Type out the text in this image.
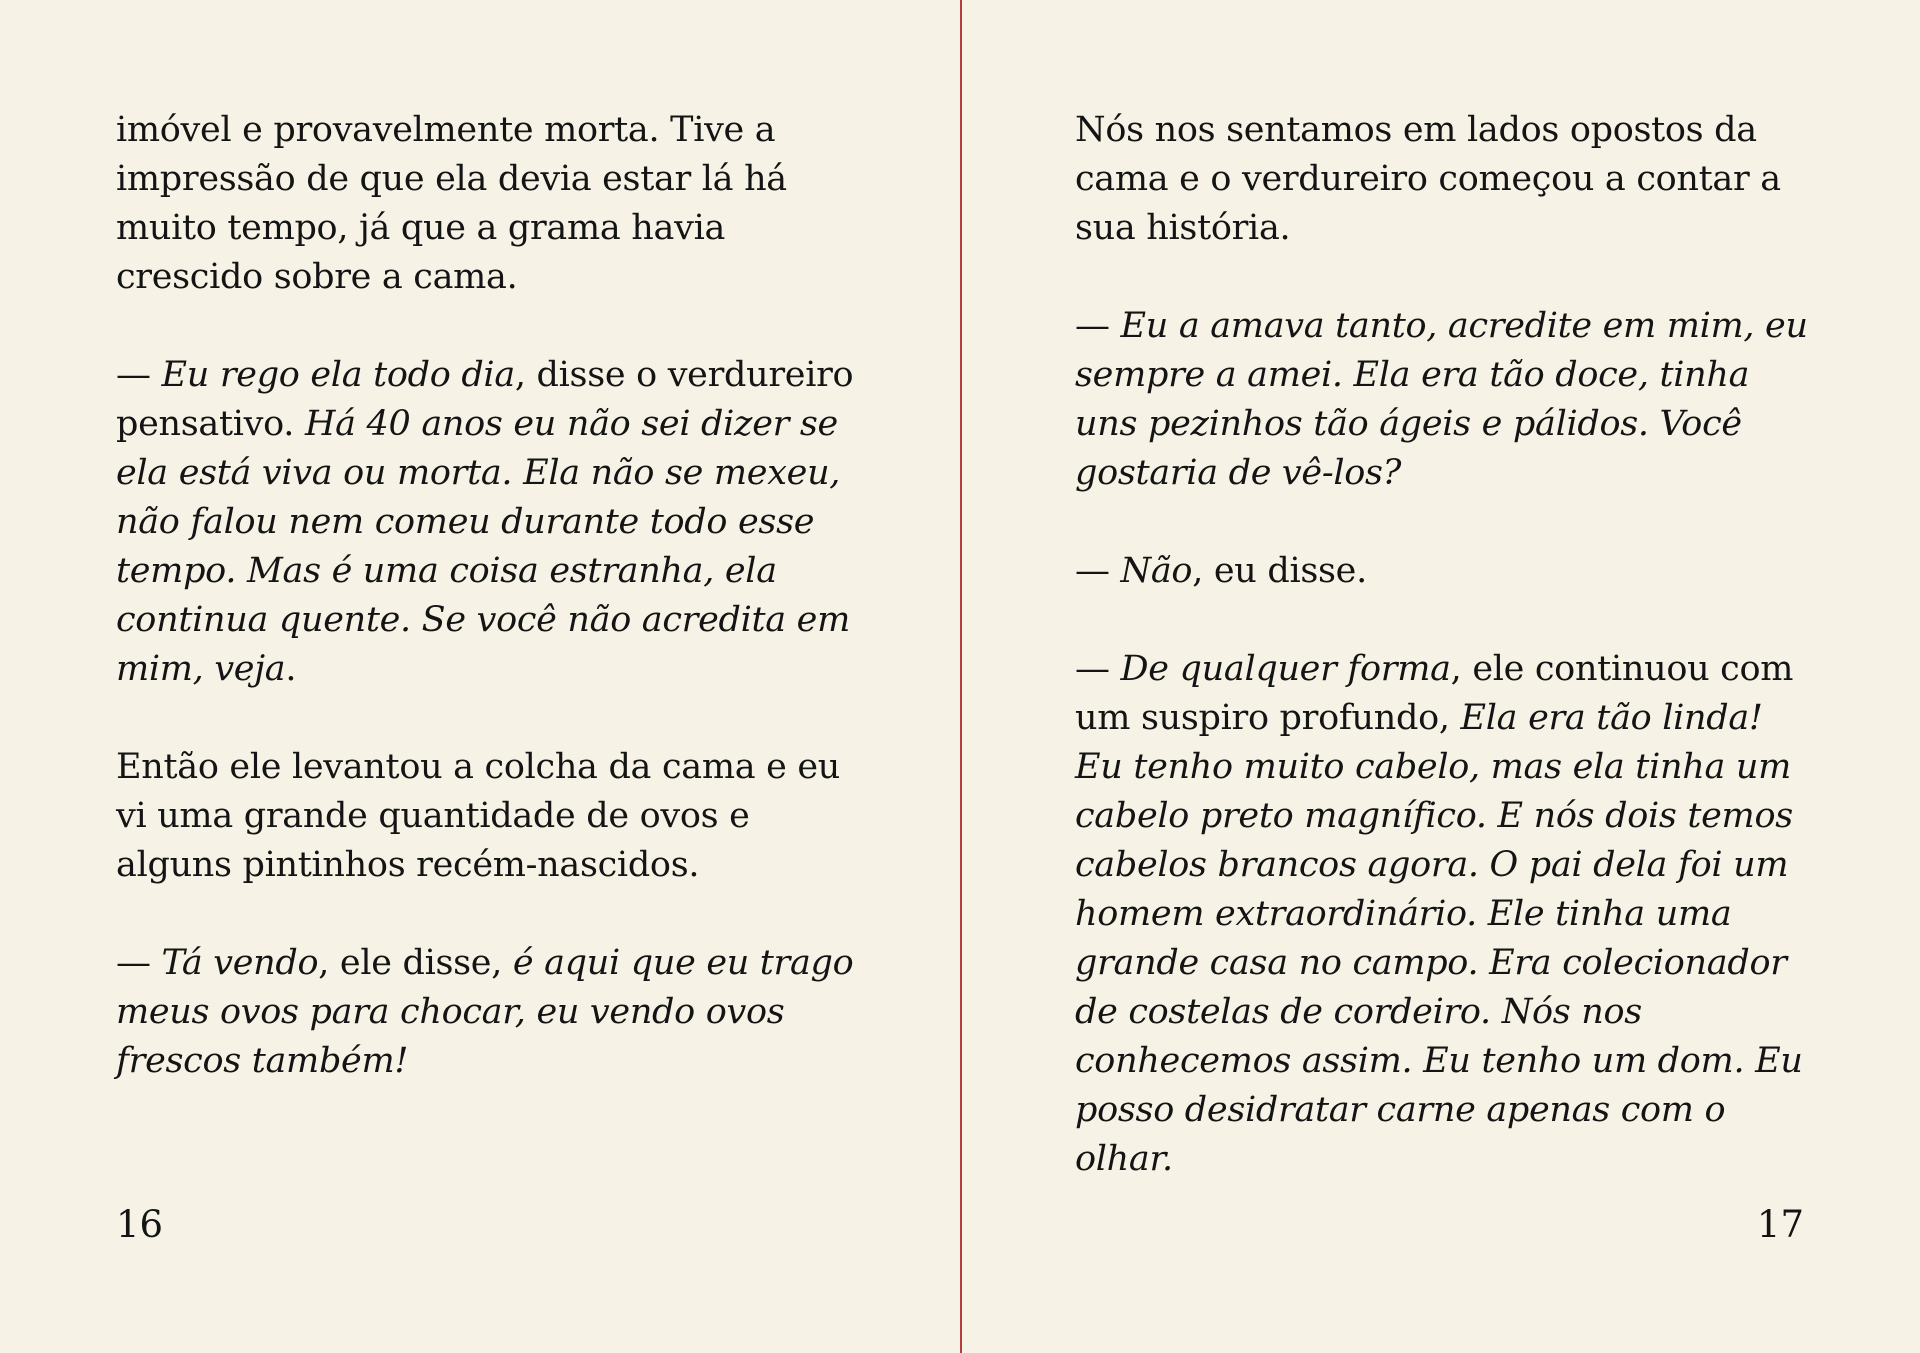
imóvel e provavelmente morta. Tive a impressão de que ela devia estar lá há muito tempo, já que a grama havia crescido sobre a cama.

— Eu rego ela todo dia, disse o verdureiro pensativo. Há 40 anos eu não sei dizer se ela está viva ou morta. Ela não se mexeu, não falou nem comeu durante todo esse tempo. Mas é uma coisa estranha, ela continua quente. Se você não acredita em mim, veja.

Então ele levantou a colcha da cama e eu vi uma grande quantidade de ovos e alguns pintinhos recém-nascidos.

— Tá vendo, ele disse, é aqui que eu trago meus ovos para chocar, eu vendo ovos frescos também!

Nós nos sentamos em lados opostos da cama e o verdureiro começou a contar a sua história.

— Eu a amava tanto, acredite em mim, eu sempre a amei. Ela era tão doce, tinha uns pezinhos tão ágeis e pálidos. Você gostaria de vê-los?

— Não, eu disse.

— De qualquer forma, ele continuou com um suspiro profundo, Ela era tão linda! Eu tenho muito cabelo, mas ela tinha um cabelo preto magnífico. E nós dois temos cabelos brancos agora. O pai dela foi um homem extraordinário. Ele tinha uma grande casa no campo. Era colecionador de costelas de cordeiro. Nós nos conhecemos assim. Eu tenho um dom. Eu posso desidratar carne apenas com o olhar.

16	17
